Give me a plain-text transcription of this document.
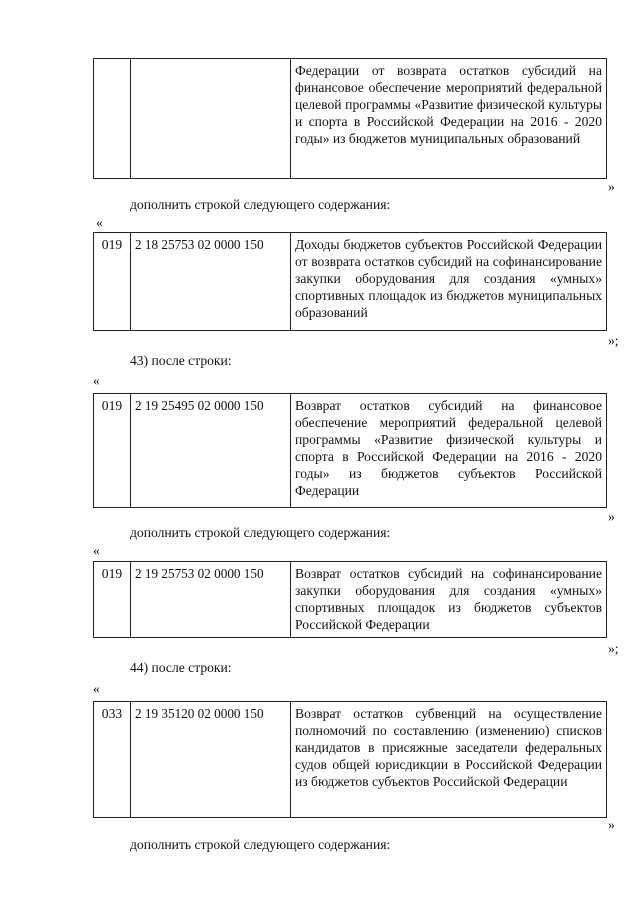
		Федерации от возврата остатков субсидий на финансовое обеспечение мероприятий федеральной целевой программы «Развитие физической культуры и спорта в Российской Федерации на 2016 - 2020 годы» из бюджетов муниципальных образований
»
дополнить строкой следующего содержания:
«
019	2 18 25753 02 0000 150	Доходы бюджетов субъектов Российской Федерации от возврата остатков субсидий на софинансирование закупки оборудования для создания «умных» спортивных площадок из бюджетов муниципальных образований
»;
43) после строки:
«
019	2 19 25495 02 0000 150	Возврат остатков субсидий на финансовое обеспечение мероприятий федеральной целевой программы «Развитие физической культуры и спорта в Российской Федерации на 2016 - 2020 годы» из бюджетов субъектов Российской Федерации
»
дополнить строкой следующего содержания:
«
019	2 19 25753 02 0000 150	Возврат остатков субсидий на софинансирование закупки оборудования для создания «умных» спортивных площадок из бюджетов субъектов Российской Федерации
»;
44) после строки:
«
033	2 19 35120 02 0000 150	Возврат остатков субвенций на осуществление полномочий по составлению (изменению) списков кандидатов в присяжные заседатели федеральных судов общей юрисдикции в Российской Федерации из бюджетов субъектов Российской Федерации
»
дополнить строкой следующего содержания:
